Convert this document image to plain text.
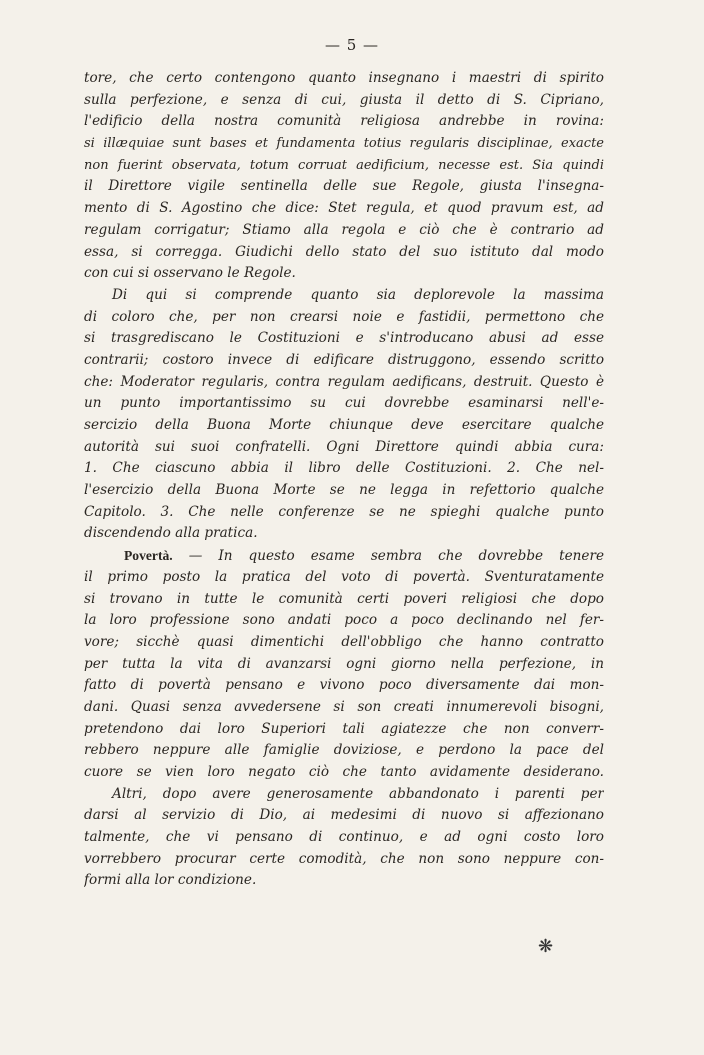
— 5 —
tore, che certo contengono quanto insegnano i maestri di spirito
sulla perfezione, e senza di cui, giusta il detto di S. Cipriano,
l'edificio della nostra comunità religiosa andrebbe in rovina:
si illæquiae sunt bases et fundamenta totius regularis disciplinae, exacte
non fuerint observata, totum corruat aedificium, necesse est. Sia quindi
il Direttore vigile sentinella delle sue Regole, giusta l'insegna-
mento di S. Agostino che dice: Stet regula, et quod pravum est, ad
regulam corrigatur; Stiamo alla regola e ciò che è contrario ad
essa, si corregga. Giudichi dello stato del suo istituto dal modo
con cui si osservano le Regole.
Di qui si comprende quanto sia deplorevole la massima
di coloro che, per non crearsi noie e fastidii, permettono che
si trasgrediscano le Costituzioni e s'introducano abusi ad esse
contrarii; costoro invece di edificare distruggono, essendo scritto
che: Moderator regularis, contra regulam aedificans, destruit. Questo è
un punto importantissimo su cui dovrebbe esaminarsi nell'e-
sercizio della Buona Morte chiunque deve esercitare qualche
autorità sui suoi confratelli. Ogni Direttore quindi abbia cura:
1. Che ciascuno abbia il libro delle Costituzioni. 2. Che nel-
l'esercizio della Buona Morte se ne legga in refettorio qualche
Capitolo. 3. Che nelle conferenze se ne spieghi qualche punto
discendendo alla pratica.
Povertà. — In questo esame sembra che dovrebbe tenere
il primo posto la pratica del voto di povertà. Sventuratamente
si trovano in tutte le comunità certi poveri religiosi che dopo
la loro professione sono andati poco a poco declinando nel fer-
vore; sicchè quasi dimentichi dell'obbligo che hanno contratto
per tutta la vita di avanzarsi ogni giorno nella perfezione, in
fatto di povertà pensano e vivono poco diversamente dai mon-
dani. Quasi senza avvedersene si son creati innumerevoli bisogni,
pretendono dai loro Superiori tali agiatezze che non converr-
rebbero neppure alle famiglie doviziose, e perdono la pace del
cuore se vien loro negato ciò che tanto avidamente desiderano.
Altri, dopo avere generosamente abbandonato i parenti per
darsi al servizio di Dio, ai medesimi di nuovo si affezionano
talmente, che vi pensano di continuo, e ad ogni costo loro
vorrebbero procurar certe comodità, che non sono neppure con-
formi alla lor condizione.
❋
